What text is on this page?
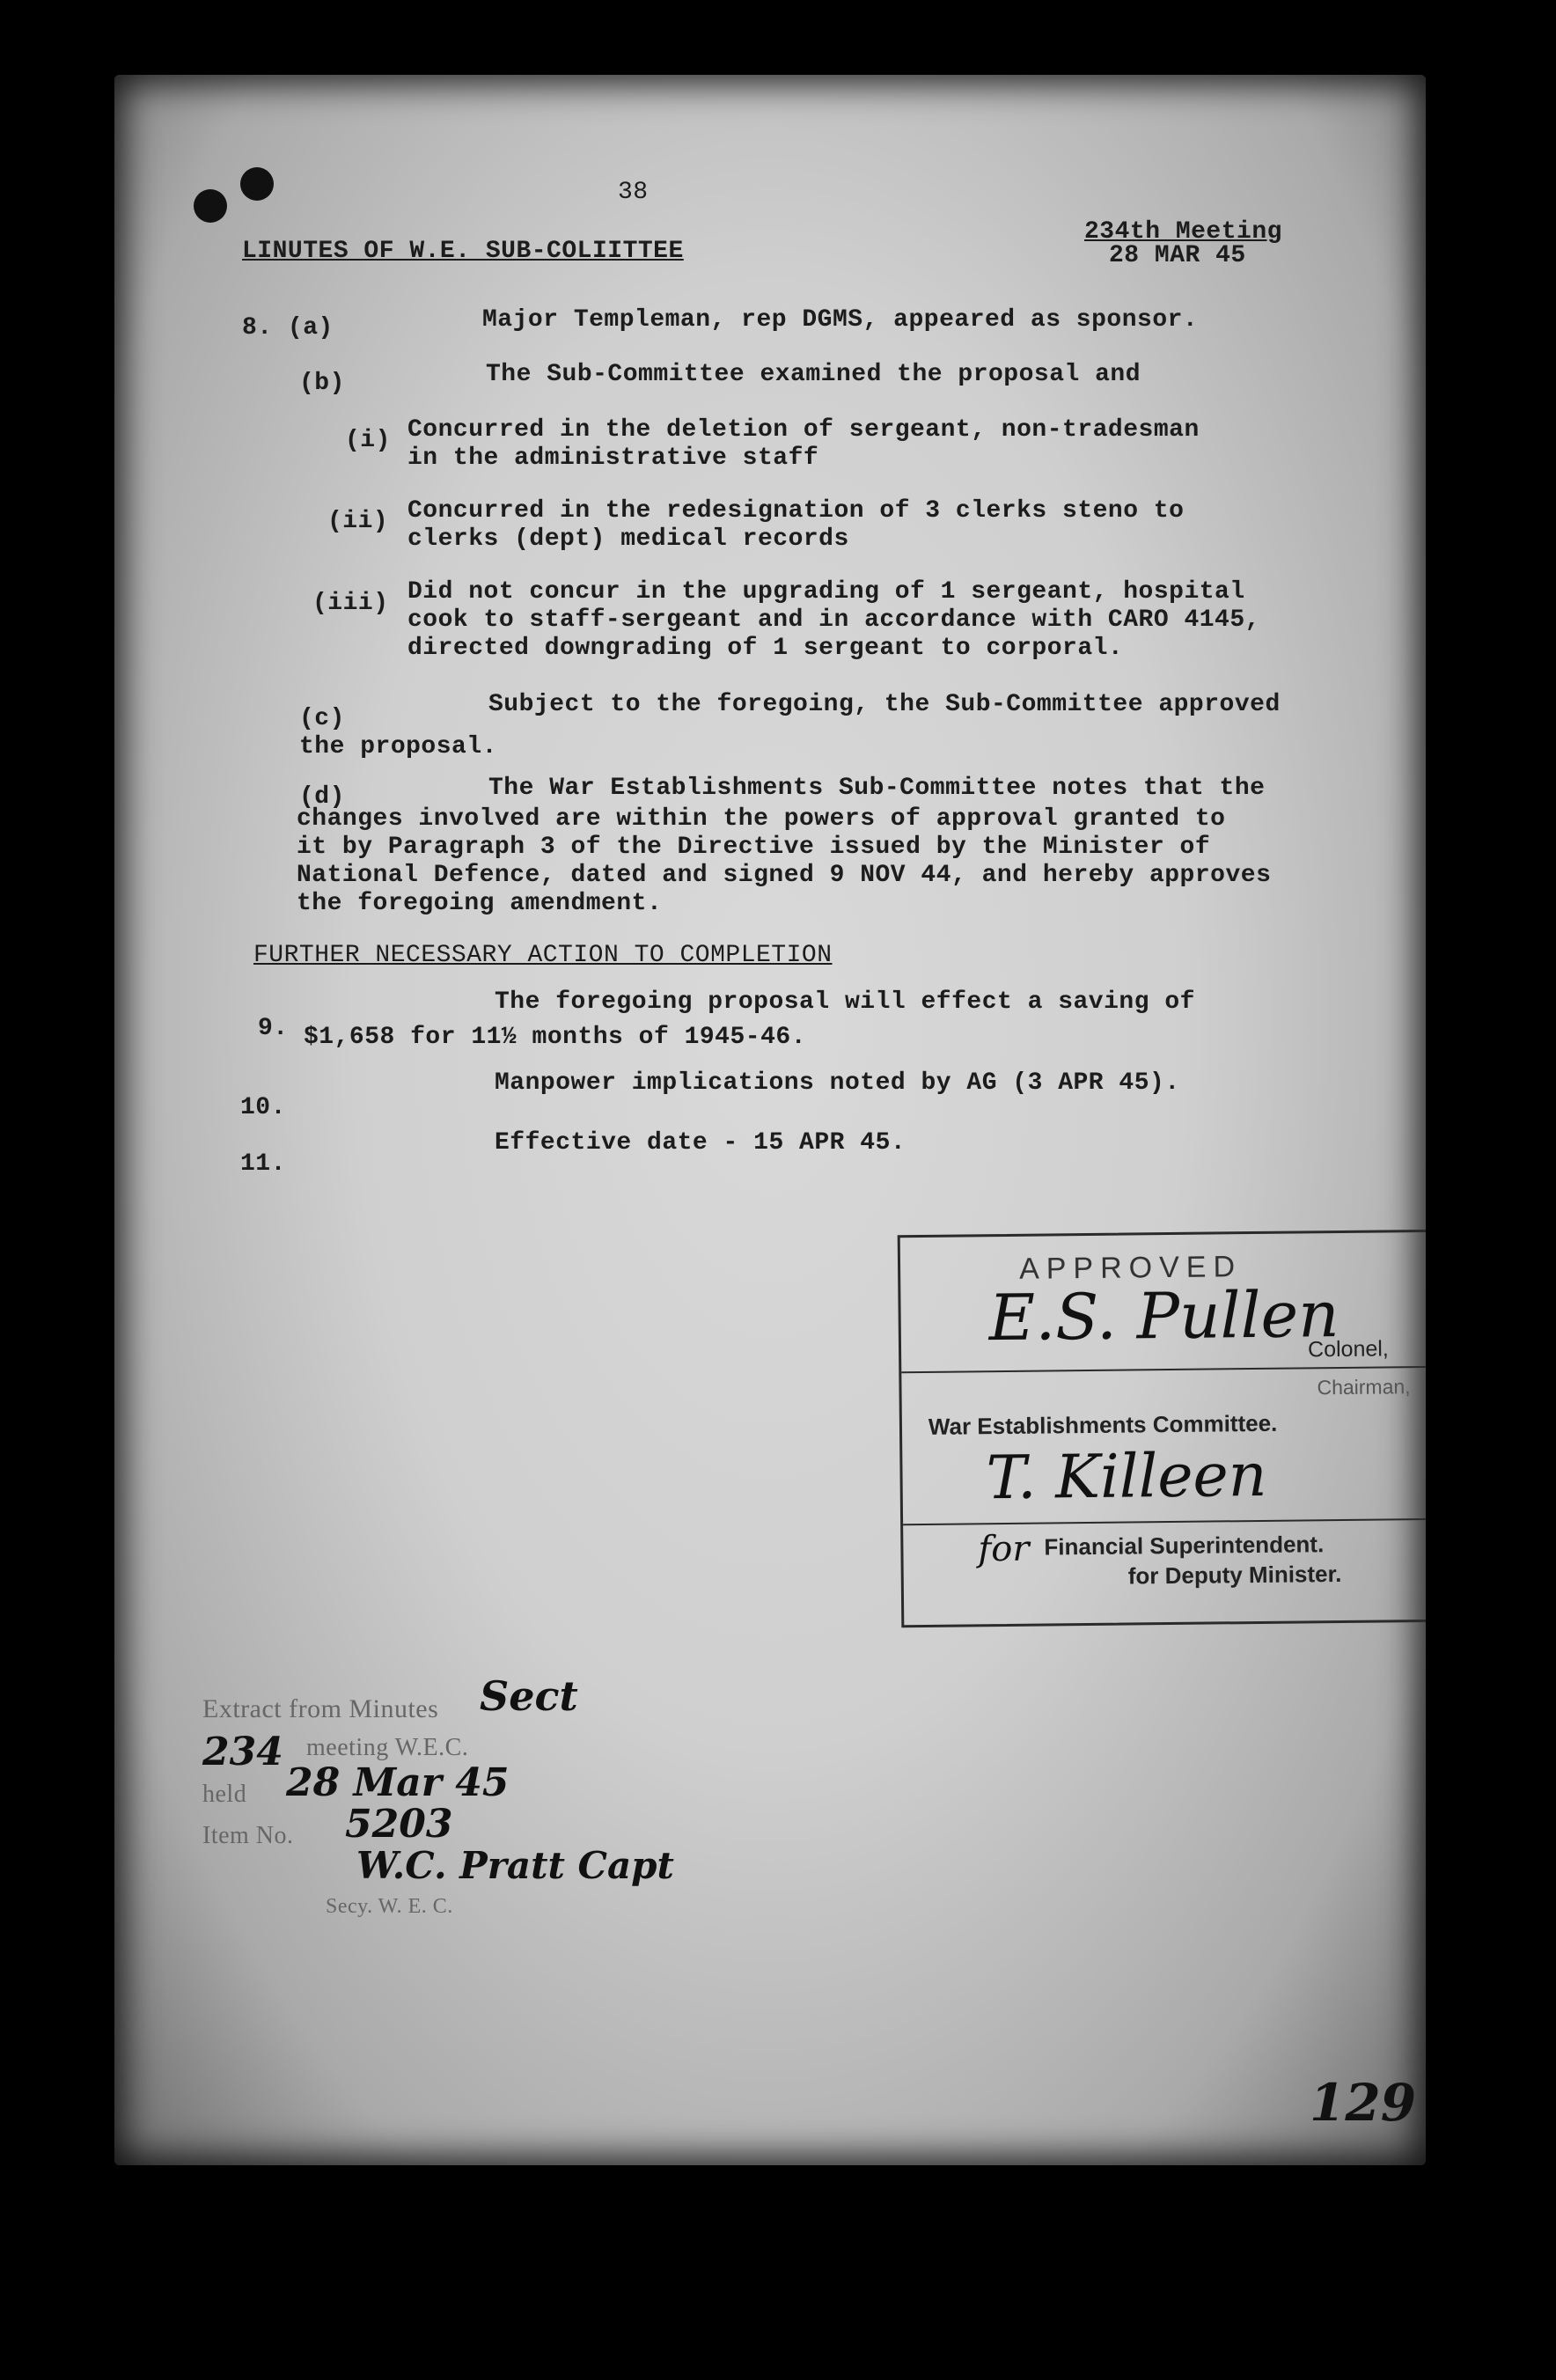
38
LINUTES OF W.E. SUB-COLIITTEE
234th Meeting
28 MAR 45
8. (a)	Major Templeman, rep DGMS, appeared as sponsor.
(b)	The Sub-Committee examined the proposal and
(i) Concurred in the deletion of sergeant, non-tradesman
in the administrative staff
(ii) Concurred in the redesignation of 3 clerks steno to
clerks (dept) medical records
(iii) Did not concur in the upgrading of 1 sergeant, hospital
cook to staff-sergeant and in accordance with CARO 4145,
directed downgrading of 1 sergeant to corporal.
(c)
Subject to the foregoing, the Sub-Committee approved
the proposal.
(d)	The War Establishments Sub-Committee notes that the
changes involved are within the powers of approval granted to
it by Paragraph 3 of the Directive issued by the Minister of
National Defence, dated and signed 9 NOV 44, and hereby approves
the foregoing amendment.
FURTHER NECESSARY ACTION TO COMPLETION
9.
The foregoing proposal will effect a saving of
$1,658 for 11½ months of 1945-46.
10.
Manpower implications noted by AG (3 APR 45).
11.
Effective date - 15 APR 45.
APPROVED
E.S. Pullen
Colonel,
Chairman,
War Establishments Committee.
T. Killeen
for Financial Superintendent.
for Deputy Minister.
Extract from Minutes
234
Sect
meeting W.E.C.
held 28 Mar 45
Item No. 5203
W.C. Pratt Capt
Secy. W. E. C.
129
